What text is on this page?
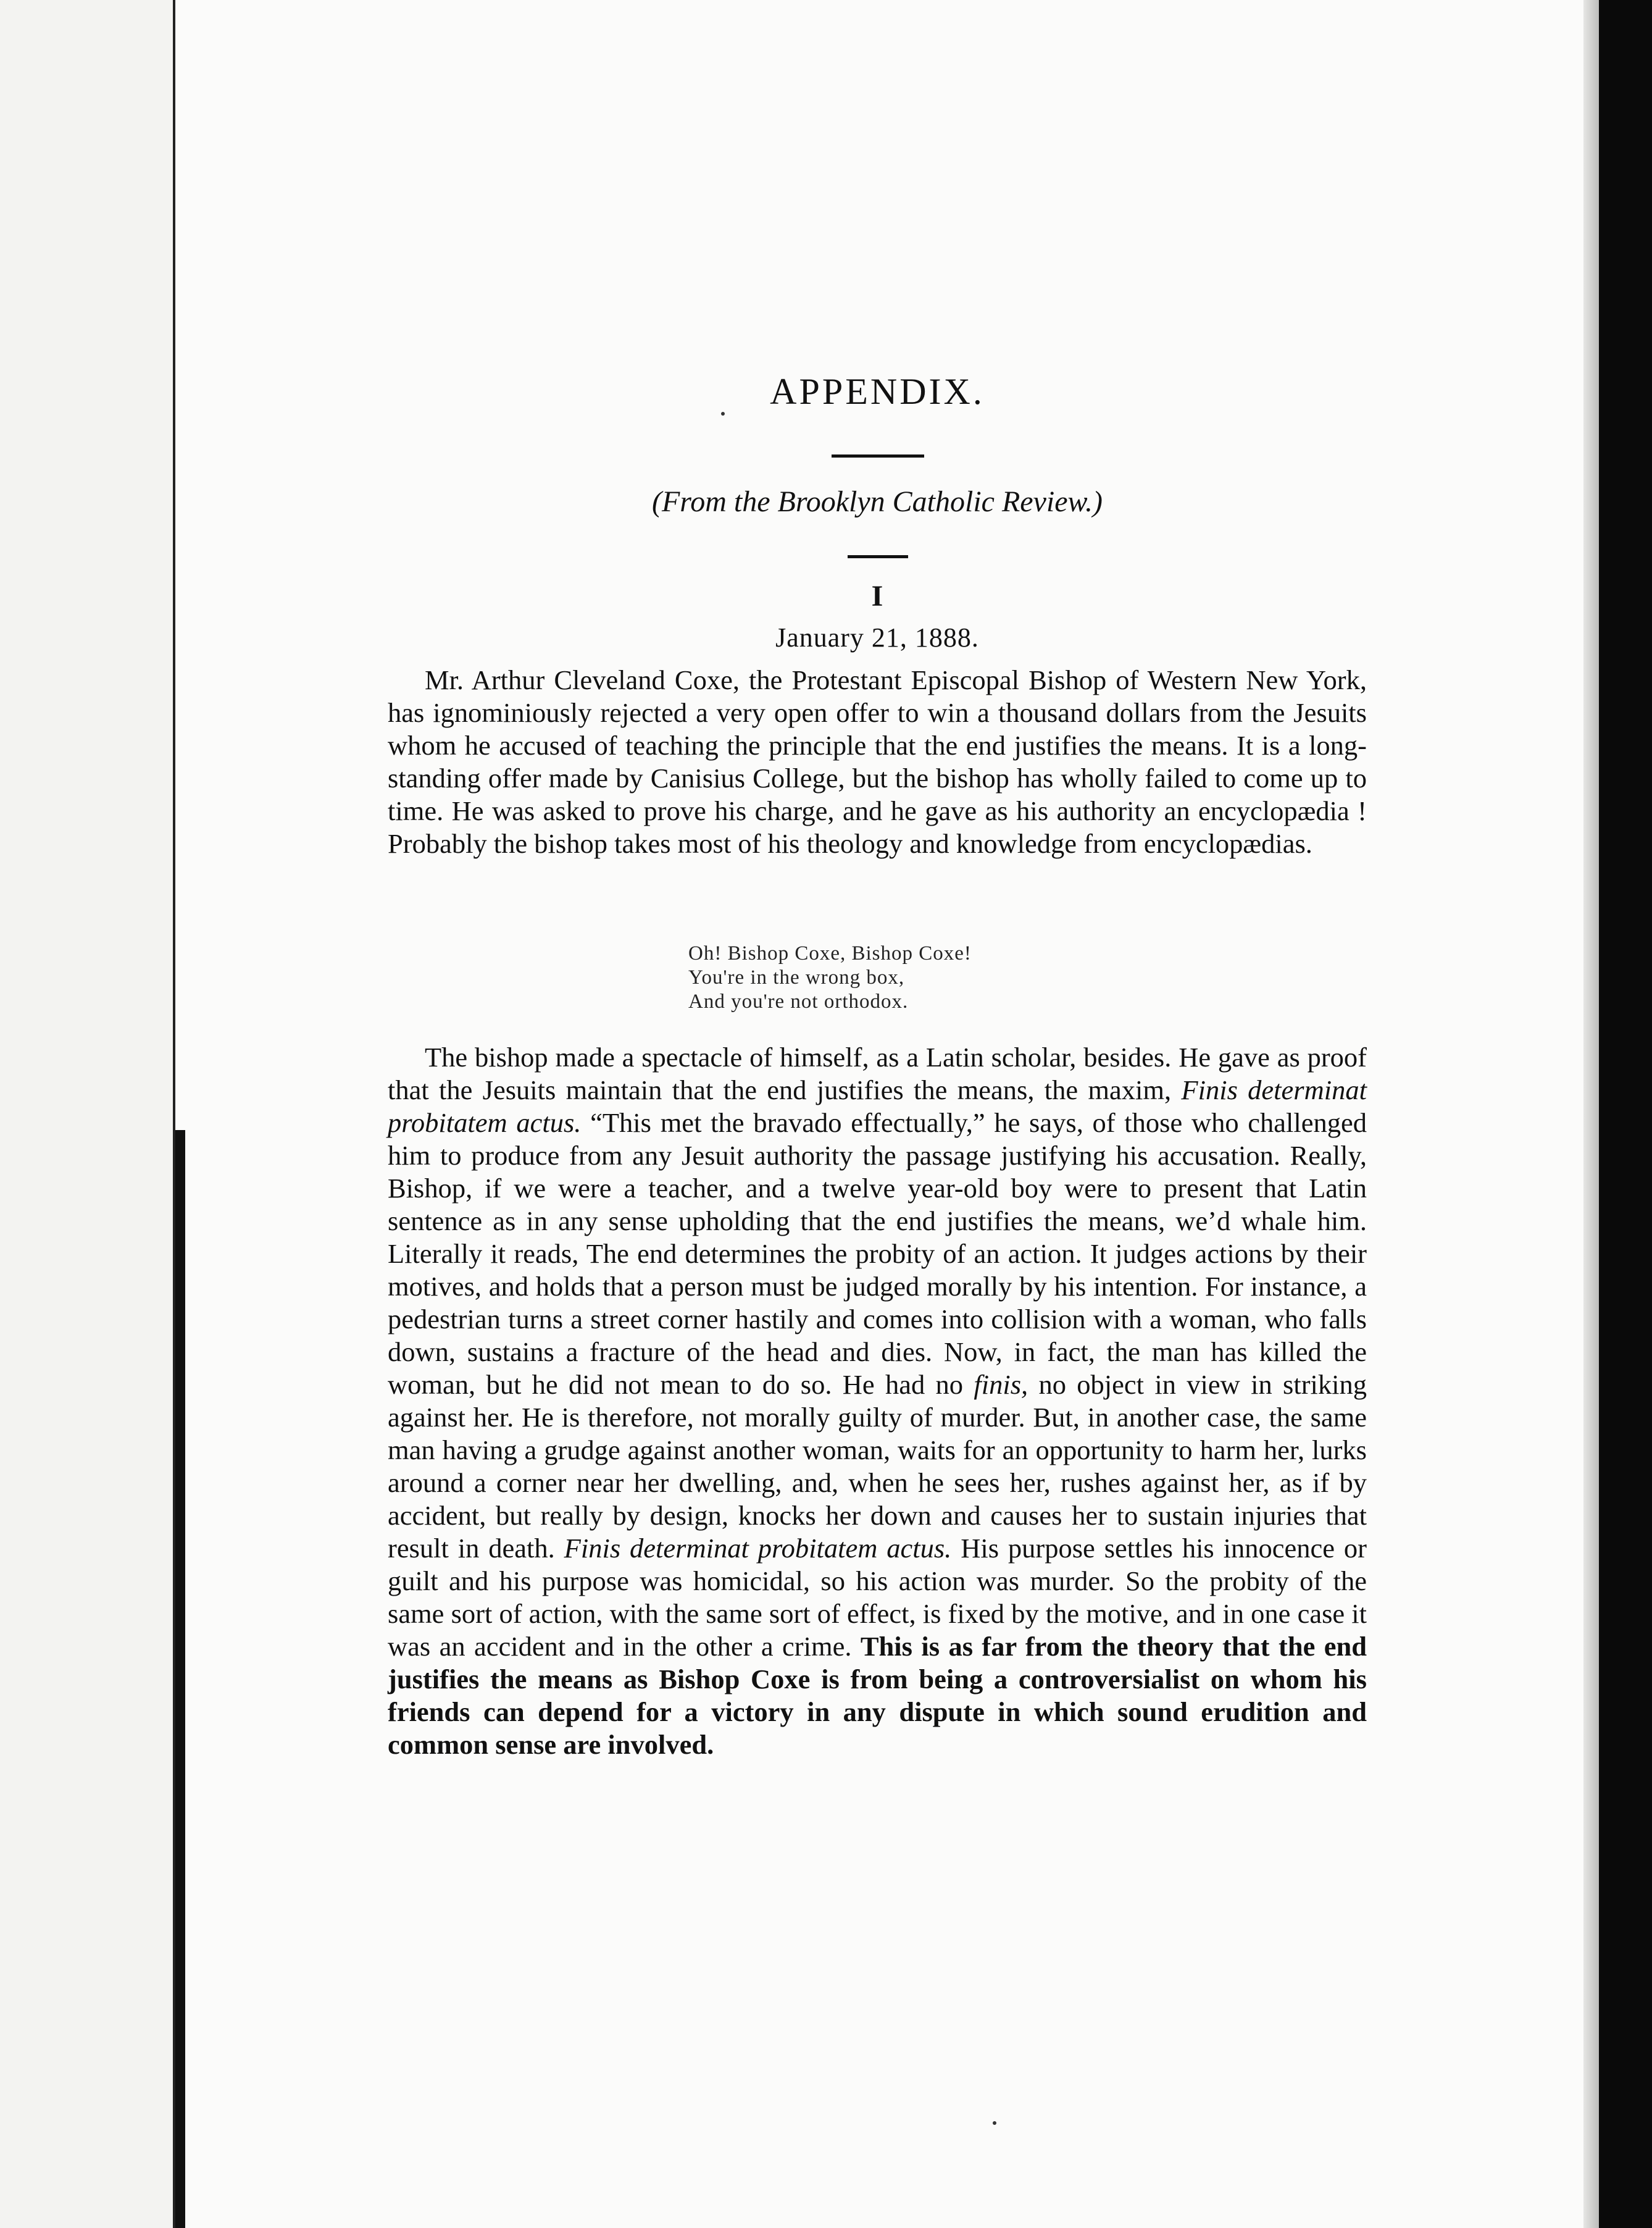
APPENDIX.
(From the Brooklyn Catholic Review.)
I
January 21, 1888.

Mr. Arthur Cleveland Coxe, the Protestant Episcopal Bishop of Western New York, has ignominiously rejected a very open offer to win a thousand dollars from the Jesuits whom he accused of teaching the principle that the end justifies the means. It is a long-standing offer made by Canisius College, but the bishop has wholly failed to come up to time. He was asked to prove his charge, and he gave as his authority an encyclopædia ! Probably the bishop takes most of his theology and knowledge from encyclopædias.

Oh! Bishop Coxe, Bishop Coxe!
You're in the wrong box,
And you're not orthodox.

The bishop made a spectacle of himself, as a Latin scholar, besides. He gave as proof that the Jesuits maintain that the end justifies the means, the maxim, Finis determinat probitatem actus. “This met the bravado effectually,” he says, of those who challenged him to produce from any Jesuit authority the passage justifying his accusation. Really, Bishop, if we were a teacher, and a twelve year-old boy were to present that Latin sentence as in any sense upholding that the end justifies the means, we’d whale him. Literally it reads, The end determines the probity of an action. It judges actions by their motives, and holds that a person must be judged morally by his intention. For instance, a pedestrian turns a street corner hastily and comes into collision with a woman, who falls down, sustains a fracture of the head and dies. Now, in fact, the man has killed the woman, but he did not mean to do so. He had no finis, no object in view in striking against her. He is therefore, not morally guilty of murder. But, in another case, the same man having a grudge against another woman, waits for an opportunity to harm her, lurks around a corner near her dwelling, and, when he sees her, rushes against her, as if by accident, but really by design, knocks her down and causes her to sustain injuries that result in death. Finis determinat probitatem actus. His purpose settles his innocence or guilt and his purpose was homicidal, so his action was murder. So the probity of the same sort of action, with the same sort of effect, is fixed by the motive, and in one case it was an accident and in the other a crime. This is as far from the theory that the end justifies the means as Bishop Coxe is from being a controversialist on whom his friends can depend for a victory in any dispute in which sound erudition and common sense are involved.
